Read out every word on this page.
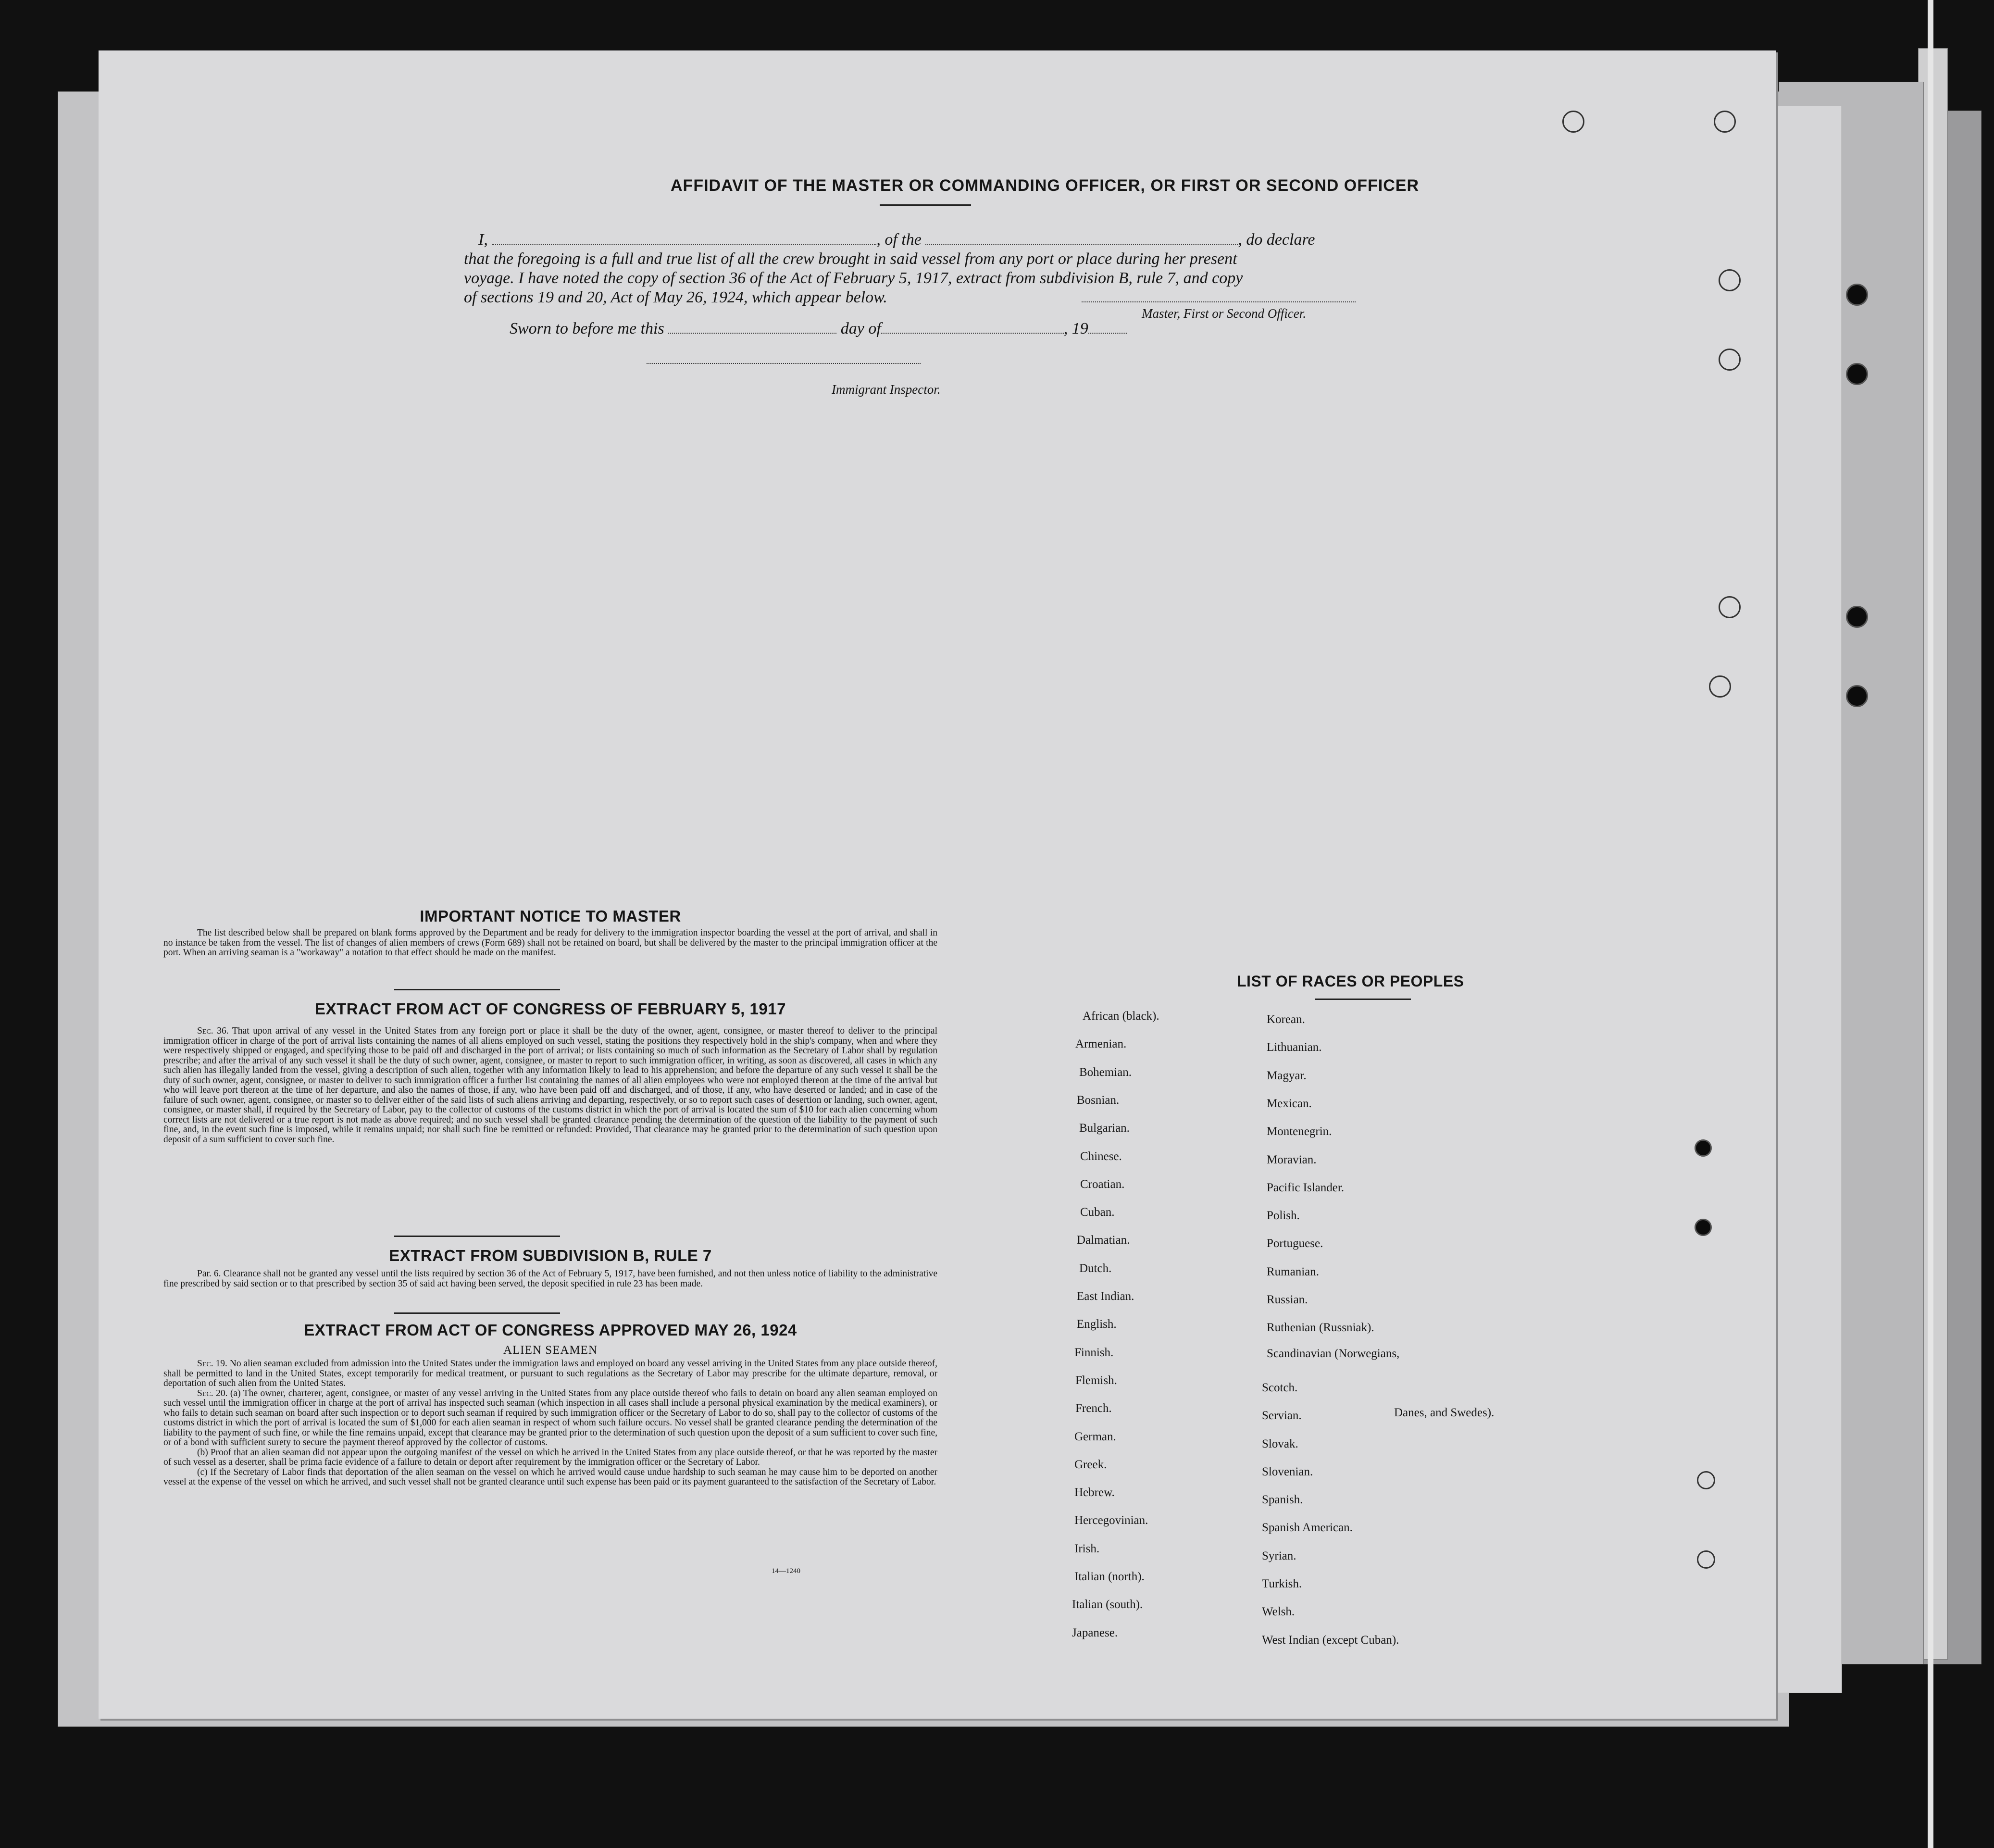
AFFIDAVIT OF THE MASTER OR COMMANDING OFFICER, OR FIRST OR SECOND OFFICER
I,	, of the	, do declare
that the foregoing is a full and true list of all the crew brought in said vessel from any port or place during her present
voyage. I have noted the copy of section 36 of the Act of February 5, 1917, extract from subdivision B, rule 7, and copy
of sections 19 and 20, Act of May 26, 1924, which appear below.
Master, First or Second Officer.
Sworn to before me this	day of	, 19
Immigrant Inspector.
IMPORTANT NOTICE TO MASTER
The list described below shall be prepared on blank forms approved by the Department and be ready for delivery to the immigration inspector boarding the vessel at the port of arrival, and shall in no instance be taken from the vessel. The list of changes of alien members of crews (Form 689) shall not be retained on board, but shall be delivered by the master to the principal immigration officer at the port. When an arriving seaman is a "workaway" a notation to that effect should be made on the manifest.
EXTRACT FROM ACT OF CONGRESS OF FEBRUARY 5, 1917
Sec. 36. That upon arrival of any vessel in the United States from any foreign port or place it shall be the duty of the owner, agent, consignee, or master thereof to deliver to the principal immigration officer in charge of the port of arrival lists containing the names of all aliens employed on such vessel, stating the positions they respectively hold in the ship's company, when and where they were respectively shipped or engaged, and specifying those to be paid off and discharged in the port of arrival; or lists containing so much of such information as the Secretary of Labor shall by regulation prescribe; and after the arrival of any such vessel it shall be the duty of such owner, agent, consignee, or master to report to such immigration officer, in writing, as soon as discovered, all cases in which any such alien has illegally landed from the vessel, giving a description of such alien, together with any information likely to lead to his apprehension; and before the departure of any such vessel it shall be the duty of such owner, agent, consignee, or master to deliver to such immigration officer a further list containing the names of all alien employees who were not employed thereon at the time of the arrival but who will leave port thereon at the time of her departure, and also the names of those, if any, who have been paid off and discharged, and of those, if any, who have deserted or landed; and in case of the failure of such owner, agent, consignee, or master so to deliver either of the said lists of such aliens arriving and departing, respectively, or so to report such cases of desertion or landing, such owner, agent, consignee, or master shall, if required by the Secretary of Labor, pay to the collector of customs of the customs district in which the port of arrival is located the sum of $10 for each alien concerning whom correct lists are not delivered or a true report is not made as above required; and no such vessel shall be granted clearance pending the determination of the question of the liability to the payment of such fine, and, in the event such fine is imposed, while it remains unpaid; nor shall such fine be remitted or refunded: Provided, That clearance may be granted prior to the determination of such question upon deposit of a sum sufficient to cover such fine.
EXTRACT FROM SUBDIVISION B, RULE 7
Par. 6. Clearance shall not be granted any vessel until the lists required by section 36 of the Act of February 5, 1917, have been furnished, and not then unless notice of liability to the administrative fine prescribed by said section or to that prescribed by section 35 of said act having been served, the deposit specified in rule 23 has been made.
EXTRACT FROM ACT OF CONGRESS APPROVED MAY 26, 1924
ALIEN SEAMEN
Sec. 19. No alien seaman excluded from admission into the United States under the immigration laws and employed on board any vessel arriving in the United States from any place outside thereof, shall be permitted to land in the United States, except temporarily for medical treatment, or pursuant to such regulations as the Secretary of Labor may prescribe for the ultimate departure, removal, or deportation of such alien from the United States.
Sec. 20. (a) The owner, charterer, agent, consignee, or master of any vessel arriving in the United States from any place outside thereof who fails to detain on board any alien seaman employed on such vessel until the immigration officer in charge at the port of arrival has inspected such seaman (which inspection in all cases shall include a personal physical examination by the medical examiners), or who fails to detain such seaman on board after such inspection or to deport such seaman if required by such immigration officer or the Secretary of Labor to do so, shall pay to the collector of customs of the customs district in which the port of arrival is located the sum of $1,000 for each alien seaman in respect of whom such failure occurs. No vessel shall be granted clearance pending the determination of the liability to the payment of such fine, or while the fine remains unpaid, except that clearance may be granted prior to the determination of such question upon the deposit of a sum sufficient to cover such fine, or of a bond with sufficient surety to secure the payment thereof approved by the collector of customs.
(b) Proof that an alien seaman did not appear upon the outgoing manifest of the vessel on which he arrived in the United States from any place outside thereof, or that he was reported by the master of such vessel as a deserter, shall be prima facie evidence of a failure to detain or deport after requirement by the immigration officer or the Secretary of Labor.
(c) If the Secretary of Labor finds that deportation of the alien seaman on the vessel on which he arrived would cause undue hardship to such seaman he may cause him to be deported on another vessel at the expense of the vessel on which he arrived, and such vessel shall not be granted clearance until such expense has been paid or its payment guaranteed to the satisfaction of the Secretary of Labor.
14—1240
LIST OF RACES OR PEOPLES
Danes, and Swedes).
African (black).
Armenian.
Bohemian.
Bosnian.
Bulgarian.
Chinese.
Croatian.
Cuban.
Dalmatian.
Dutch.
East Indian.
English.
Finnish.
Flemish.
French.
German.
Greek.
Hebrew.
Hercegovinian.
Irish.
Italian (north).
Italian (south).
Japanese.
Korean.
Lithuanian.
Magyar.
Mexican.
Montenegrin.
Moravian.
Pacific Islander.
Polish.
Portuguese.
Rumanian.
Russian.
Ruthenian (Russniak).
Scandinavian (Norwegians,
Scotch.
Servian.
Slovak.
Slovenian.
Spanish.
Spanish American.
Syrian.
Turkish.
Welsh.
West Indian (except Cuban).
